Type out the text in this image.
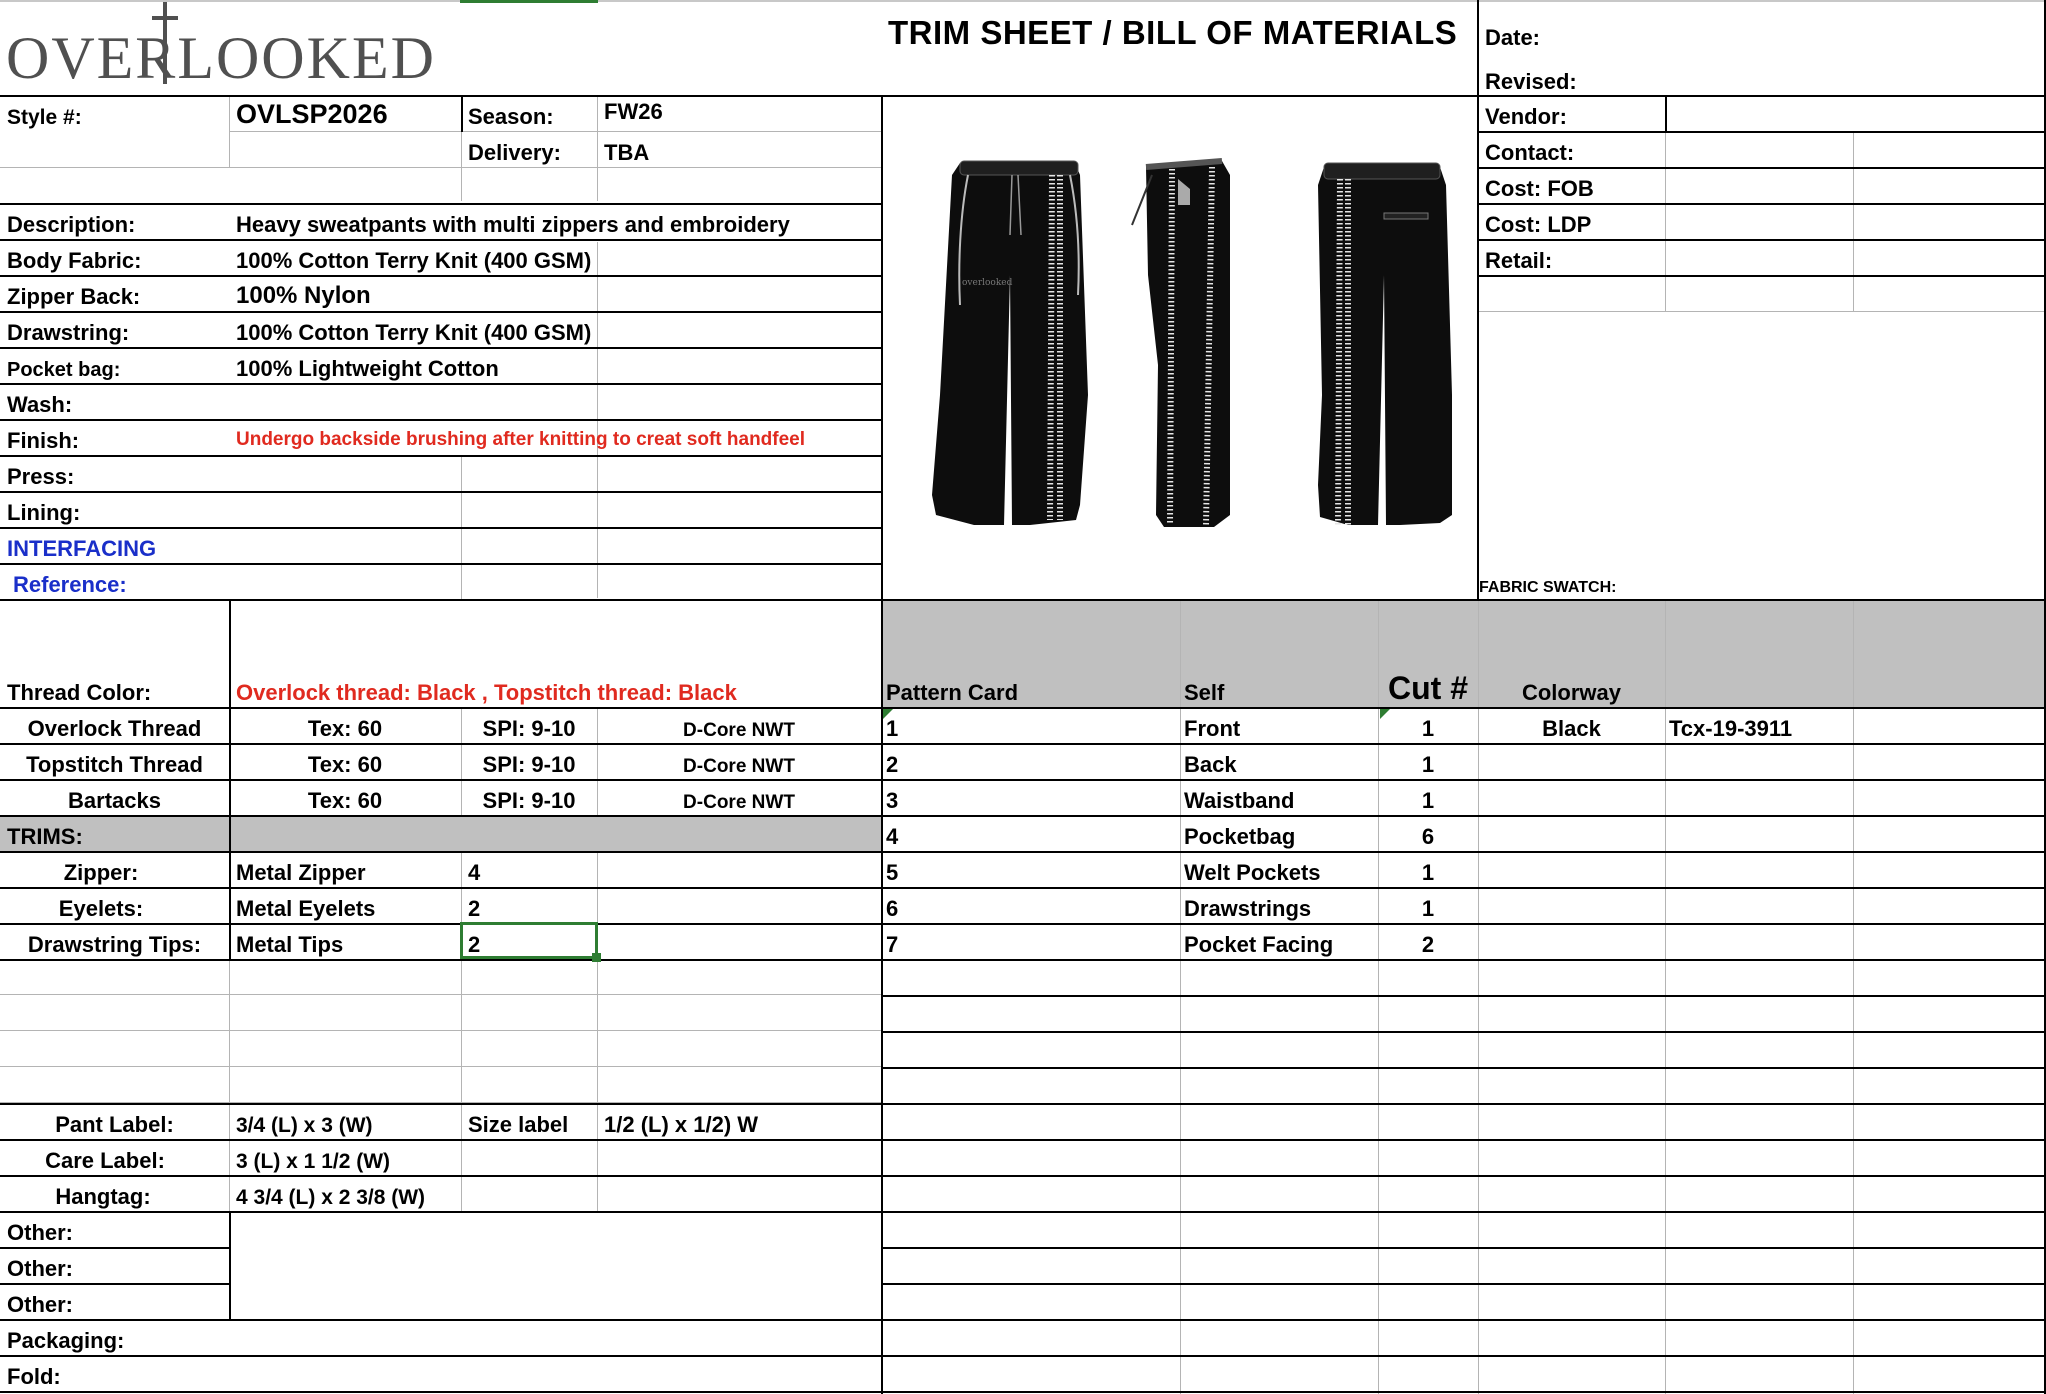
OVERLOOKED	TRIM SHEET / BILL OF MATERIALS	Date:
Revised:
Vendor:
Contact:
Cost: FOB
Cost: LDP
Retail:
FABRIC SWATCH:
Style #:	OVLSP2026	Season:	FW26
Delivery:	TBA
Description:	Heavy sweatpants with multi zippers and embroidery
Body Fabric:	100% Cotton Terry Knit (400 GSM)
Zipper Back:	100% Nylon
Drawstring:	100% Cotton Terry Knit (400 GSM)
Pocket bag:	100% Lightweight Cotton
Wash:
Finish:	Undergo backside brushing after knitting to creat soft handfeel
Press:
Lining:
INTERFACING
Reference:
overlooked
Pattern Card	Self	Cut #	Colorway
Thread Color:	Overlock thread: Black , Topstitch thread: Black
Overlock Thread	Tex: 60	SPI: 9-10	D-Core NWT
Topstitch Thread	Tex: 60	SPI: 9-10	D-Core NWT
Bartacks	Tex: 60	SPI: 9-10	D-Core NWT
TRIMS:
Zipper:	Metal Zipper	4
Eyelets:	Metal Eyelets	2
Drawstring Tips:	Metal Tips	2
Pant Label:	3/4 (L) x 3 (W)	Size label	1/2 (L) x 1/2) W
Care Label:	3 (L) x 1 1/2 (W)
Hangtag:	4 3/4 (L) x 2 3/8 (W)
Other:
Other:
Other:
Packaging:
Fold:
1	Front	1	Black	Tcx-19-3911
2	Back	1
3	Waistband	1
4	Pocketbag	6
5	Welt Pockets	1
6	Drawstrings	1
7	Pocket Facing	2
